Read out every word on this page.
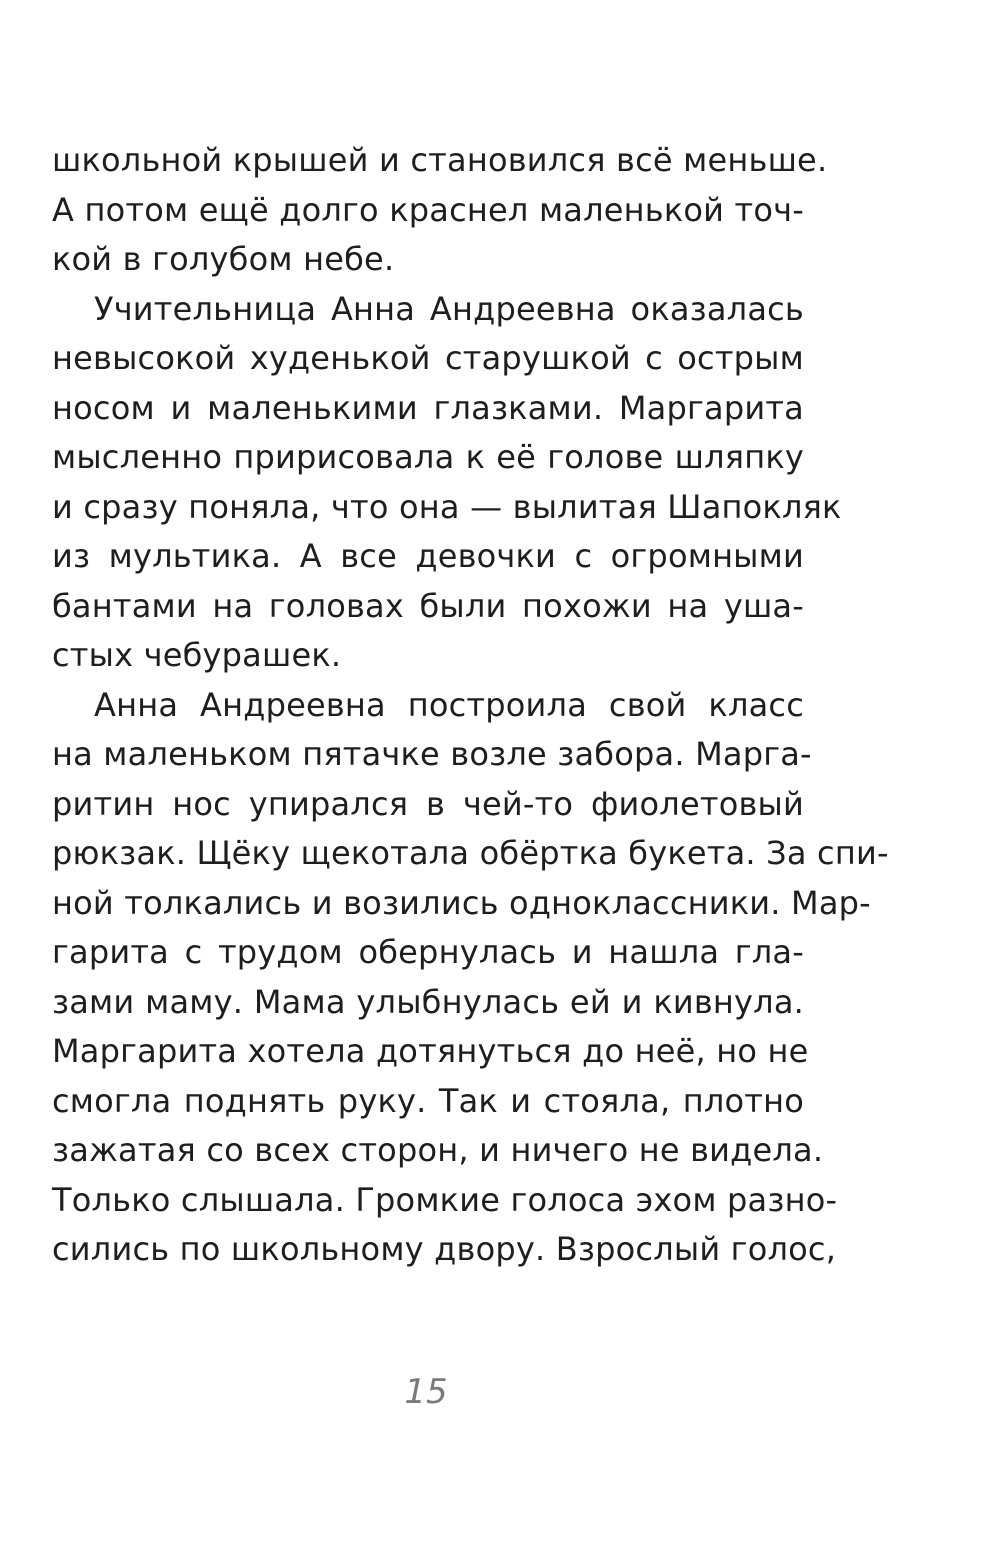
школьной крышей и становился всё меньше.
А потом ещё долго краснел маленькой точ-
кой в голубом небе.
Учительница Анна Андреевна оказалась
невысокой худенькой старушкой с острым
носом и маленькими глазками. Маргарита
мысленно пририсовала к её голове шляпку
и сразу поняла, что она — вылитая Шапокляк
из мультика. А все девочки с огромными
бантами на головах были похожи на уша-
стых чебурашек.
Анна Андреевна построила свой класс
на маленьком пятачке возле забора. Марга-
ритин нос упирался в чей-то фиолетовый
рюкзак. Щёку щекотала обёртка букета. За спи-
ной толкались и возились одноклассники. Мар-
гарита с трудом обернулась и нашла гла-
зами маму. Мама улыбнулась ей и кивнула.
Маргарита хотела дотянуться до неё, но не
смогла поднять руку. Так и стояла, плотно
зажатая со всех сторон, и ничего не видела.
Только слышала. Громкие голоса эхом разно-
сились по школьному двору. Взрослый голос,
15
